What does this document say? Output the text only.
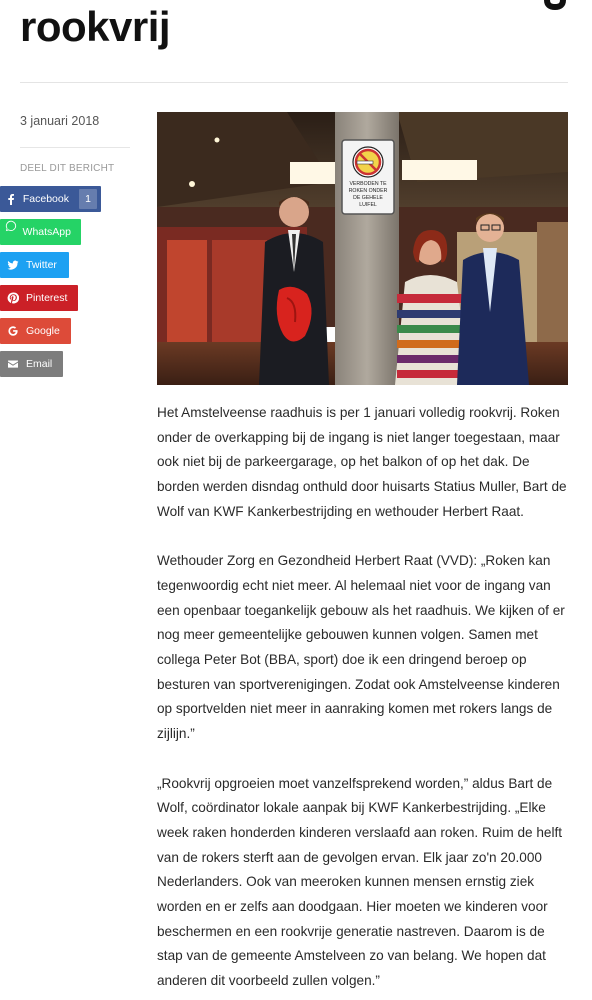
rookvrij
3 januari 2018
DEEL DIT BERICHT
Facebook	1
WhatsApp
Twitter
Pinterest
Google
Email
VERBODEN TE
ROKEN ONDER
DE GEHELE
LUIFEL

Het Amstelveense raadhuis is per 1 januari volledig rookvrij. Roken onder de overkapping bij de ingang is niet langer toegestaan, maar ook niet bij de parkeergarage, op het balkon of op het dak. De borden werden disndag onthuld door huisarts Statius Muller, Bart de Wolf van KWF Kankerbestrijding en wethouder Herbert Raat.

Wethouder Zorg en Gezondheid Herbert Raat (VVD): „Roken kan tegenwoordig echt niet meer. Al helemaal niet voor de ingang van een openbaar toegankelijk gebouw als het raadhuis. We kijken of er nog meer gemeentelijke gebouwen kunnen volgen. Samen met collega Peter Bot (BBA, sport) doe ik een dringend beroep op besturen van sportverenigingen. Zodat ook Amstelveense kinderen op sportvelden niet meer in aanraking komen met rokers langs de zijlijn.”

„Rookvrij opgroeien moet vanzelfsprekend worden,” aldus Bart de Wolf, coördinator lokale aanpak bij KWF Kankerbestrijding. „Elke week raken honderden kinderen verslaafd aan roken. Ruim de helft van de rokers sterft aan de gevolgen ervan. Elk jaar zo'n 20.000 Nederlanders. Ook van meeroken kunnen mensen ernstig ziek worden en er zelfs aan doodgaan. Hier moeten we kinderen voor beschermen en een rookvrije generatie nastreven. Daarom is de stap van de gemeente Amstelveen zo van belang. We hopen dat anderen dit voorbeeld zullen volgen.”
